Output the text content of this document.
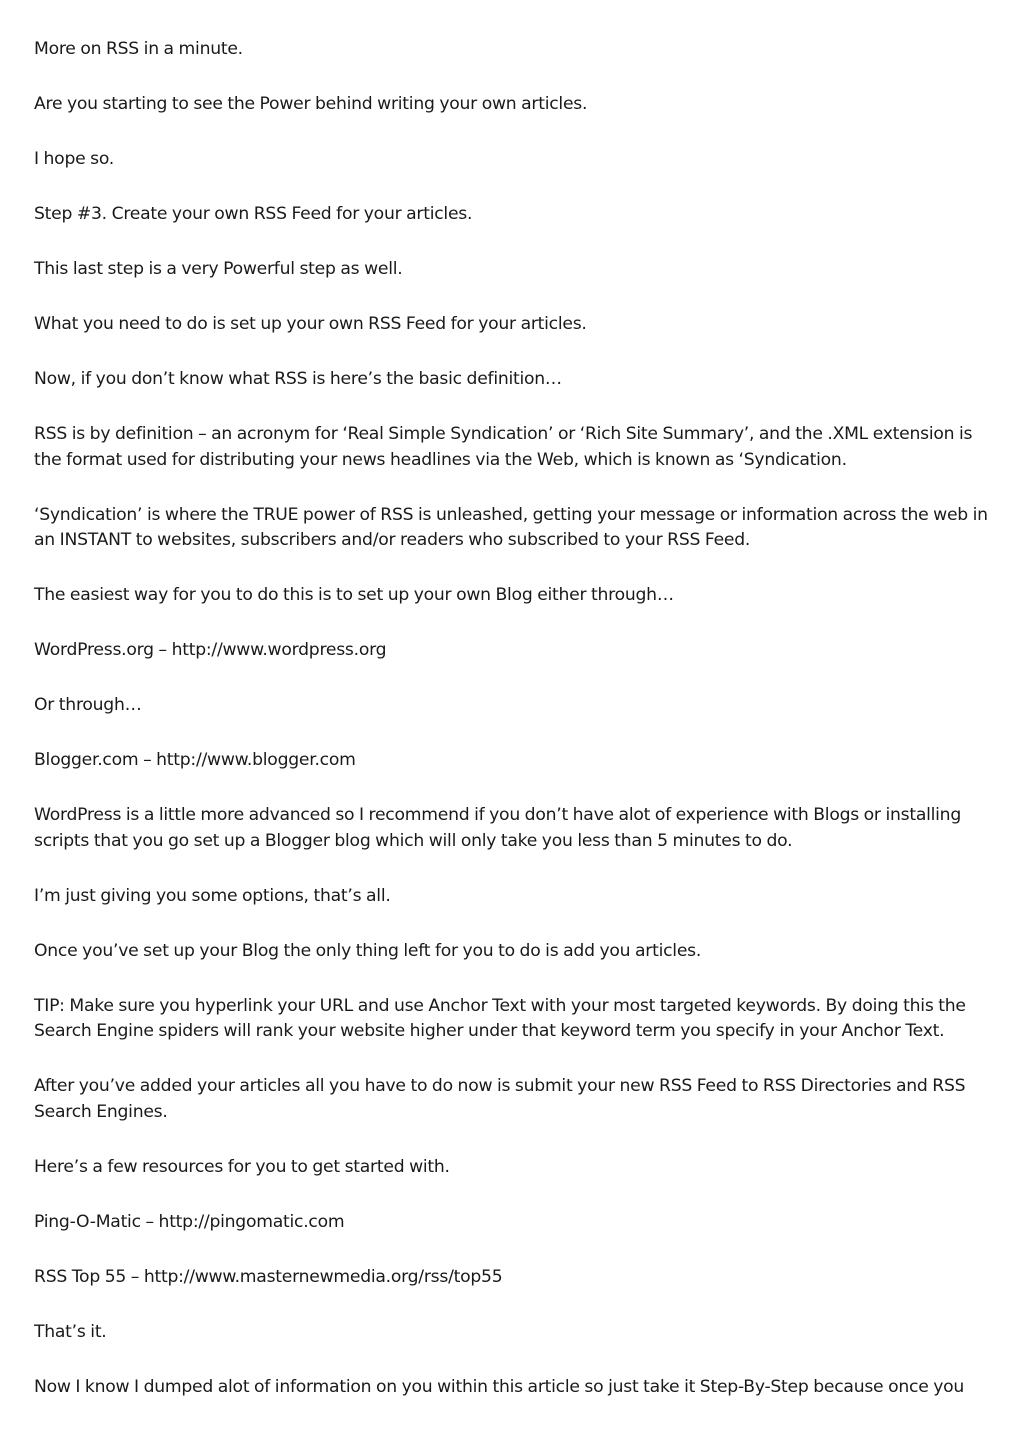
More on RSS in a minute.

Are you starting to see the Power behind writing your own articles.

I hope so.

Step #3. Create your own RSS Feed for your articles.

This last step is a very Powerful step as well.

What you need to do is set up your own RSS Feed for your articles.

Now, if you don’t know what RSS is here’s the basic definition…

RSS is by definition – an acronym for ‘Real Simple Syndication’ or ‘Rich Site Summary’, and the .XML extension is the format used for distributing your news headlines via the Web, which is known as ‘Syndication.

‘Syndication’ is where the TRUE power of RSS is unleashed, getting your message or information across the web in an INSTANT to websites, subscribers and/or readers who subscribed to your RSS Feed.

The easiest way for you to do this is to set up your own Blog either through…

WordPress.org – http://www.wordpress.org

Or through…

Blogger.com – http://www.blogger.com

WordPress is a little more advanced so I recommend if you don’t have alot of experience with Blogs or installing scripts that you go set up a Blogger blog which will only take you less than 5 minutes to do.

I’m just giving you some options, that’s all.

Once you’ve set up your Blog the only thing left for you to do is add you articles.

TIP: Make sure you hyperlink your URL and use Anchor Text with your most targeted keywords. By doing this the Search Engine spiders will rank your website higher under that keyword term you specify in your Anchor Text.

After you’ve added your articles all you have to do now is submit your new RSS Feed to RSS Directories and RSS Search Engines.

Here’s a few resources for you to get started with.

Ping-O-Matic – http://pingomatic.com

RSS Top 55 – http://www.masternewmedia.org/rss/top55

That’s it.

Now I know I dumped alot of information on you within this article so just take it Step-By-Step because once you
